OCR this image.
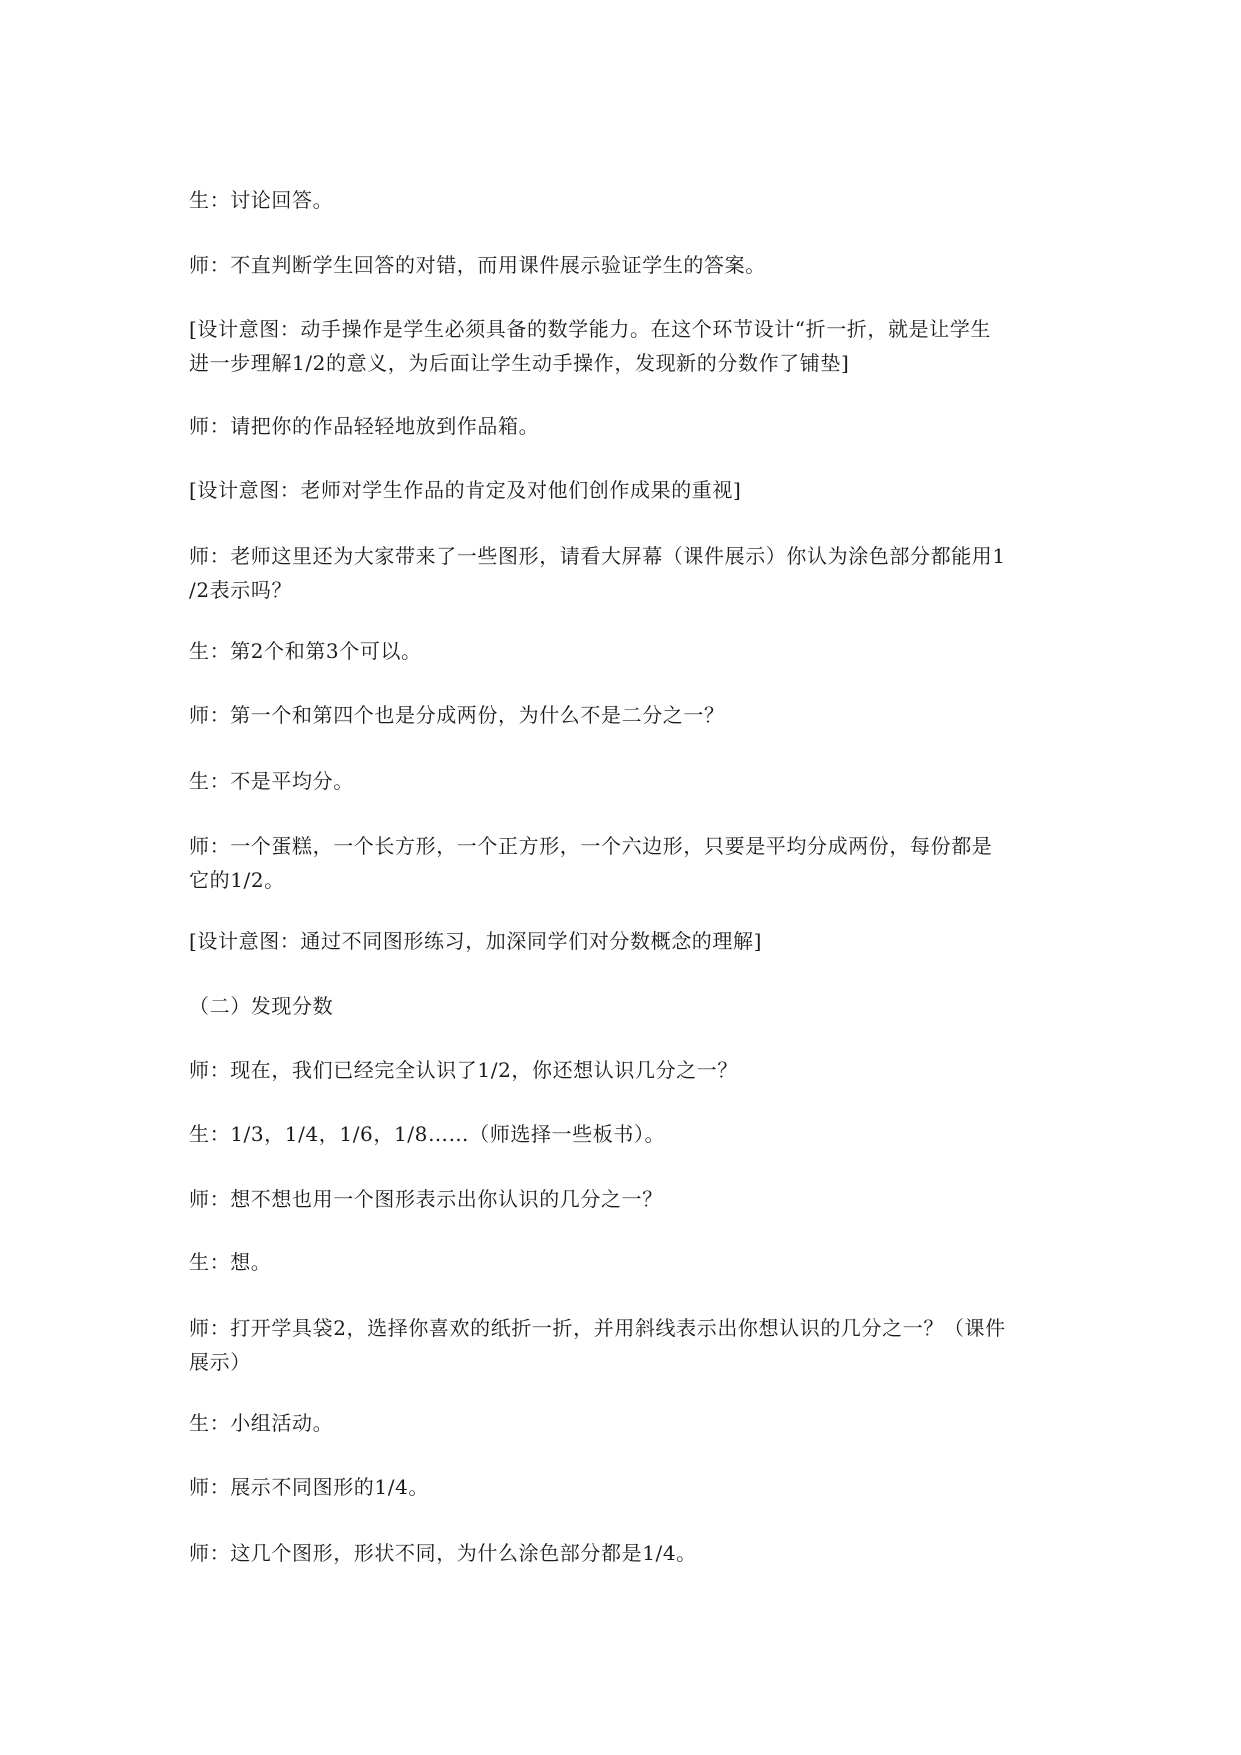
生：讨论回答。
师：不直判断学生回答的对错，而用课件展示验证学生的答案。
[设计意图：动手操作是学生必须具备的数学能力。在这个环节设计“折一折，就是让学生
进一步理解1/2的意义，为后面让学生动手操作，发现新的分数作了铺垫]
师：请把你的作品轻轻地放到作品箱。
[设计意图：老师对学生作品的肯定及对他们创作成果的重视]
师：老师这里还为大家带来了一些图形，请看大屏幕（课件展示）你认为涂色部分都能用1
/2表示吗？
生：第2个和第3个可以。
师：第一个和第四个也是分成两份，为什么不是二分之一？
生：不是平均分。
师：一个蛋糕，一个长方形，一个正方形，一个六边形，只要是平均分成两份，每份都是
它的1/2。
[设计意图：通过不同图形练习，加深同学们对分数概念的理解]
（二）发现分数
师：现在，我们已经完全认识了1/2，你还想认识几分之一？
生：1/3，1/4，1/6，1/8……（师选择一些板书）。
师：想不想也用一个图形表示出你认识的几分之一？
生：想。
师：打开学具袋2，选择你喜欢的纸折一折，并用斜线表示出你想认识的几分之一？（课件
展示）
生：小组活动。
师：展示不同图形的1/4。
师：这几个图形，形状不同，为什么涂色部分都是1/4。
